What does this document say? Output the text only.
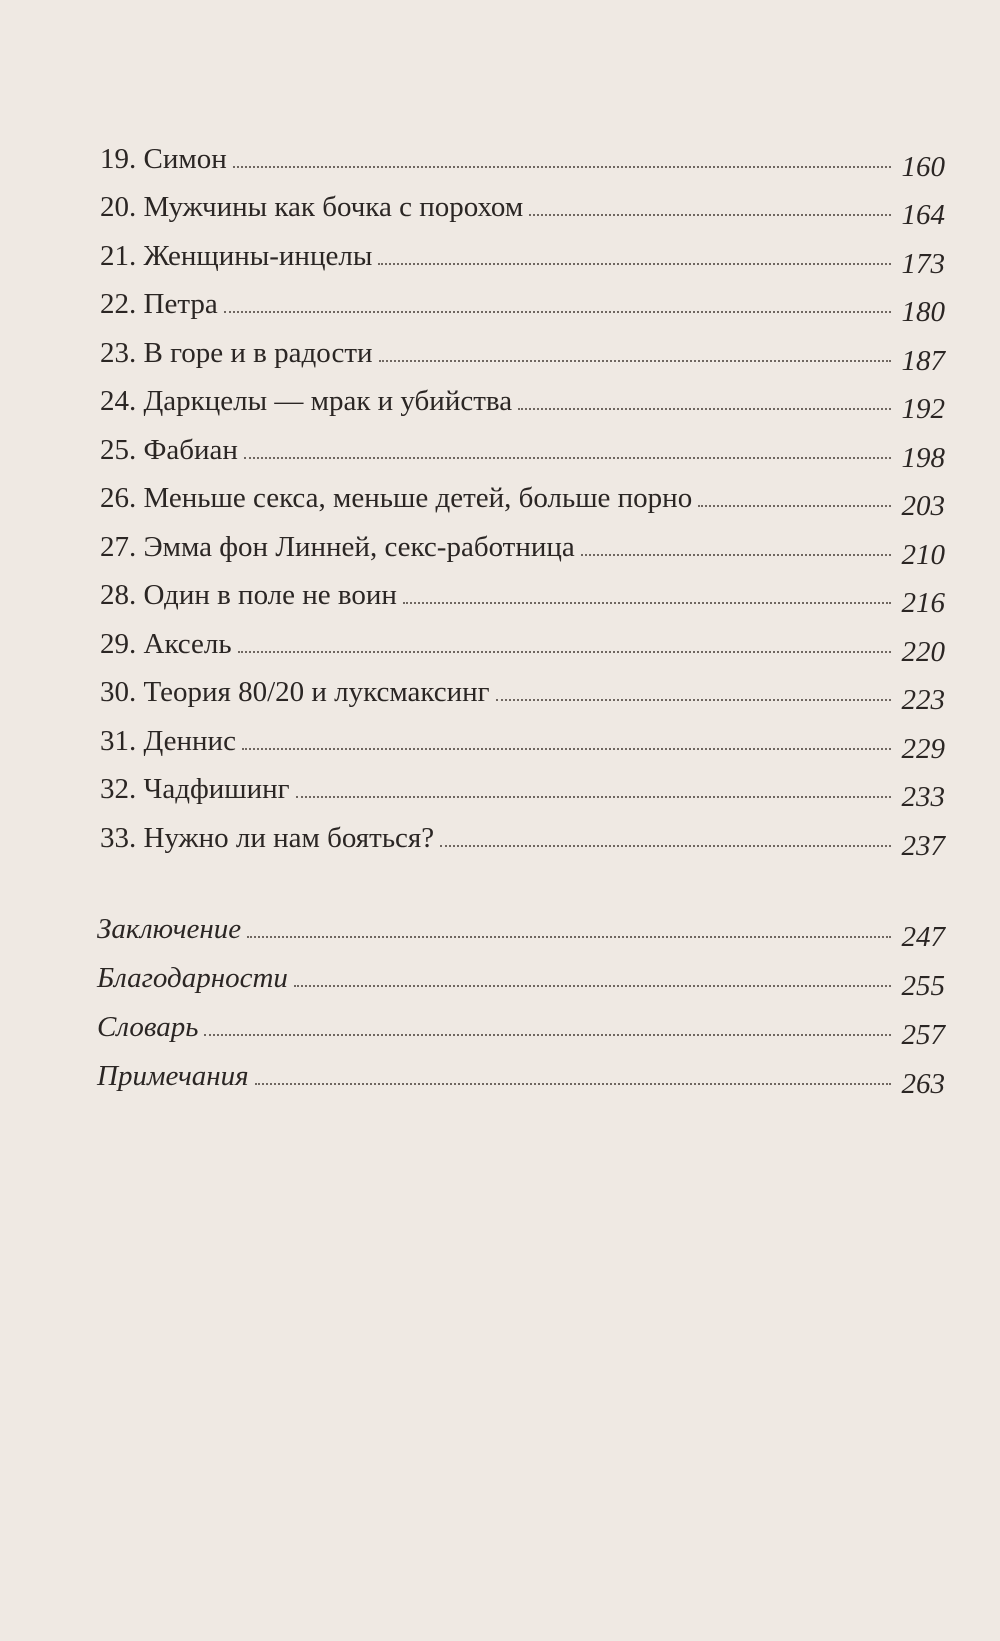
19. Симон	160
20. Мужчины как бочка с порохом	164
21. Женщины-инцелы	173
22. Петра	180
23. В горе и в радости	187
24. Даркцелы — мрак и убийства	192
25. Фабиан	198
26. Меньше секса, меньше детей, больше порно	203
27. Эмма фон Линней, секс-работница	210
28. Один в поле не воин	216
29. Аксель	220
30. Теория 80/20 и луксмаксинг	223
31. Деннис	229
32. Чадфишинг	233
33. Нужно ли нам бояться?	237
Заключение	247
Благодарности	255
Словарь	257
Примечания	263
